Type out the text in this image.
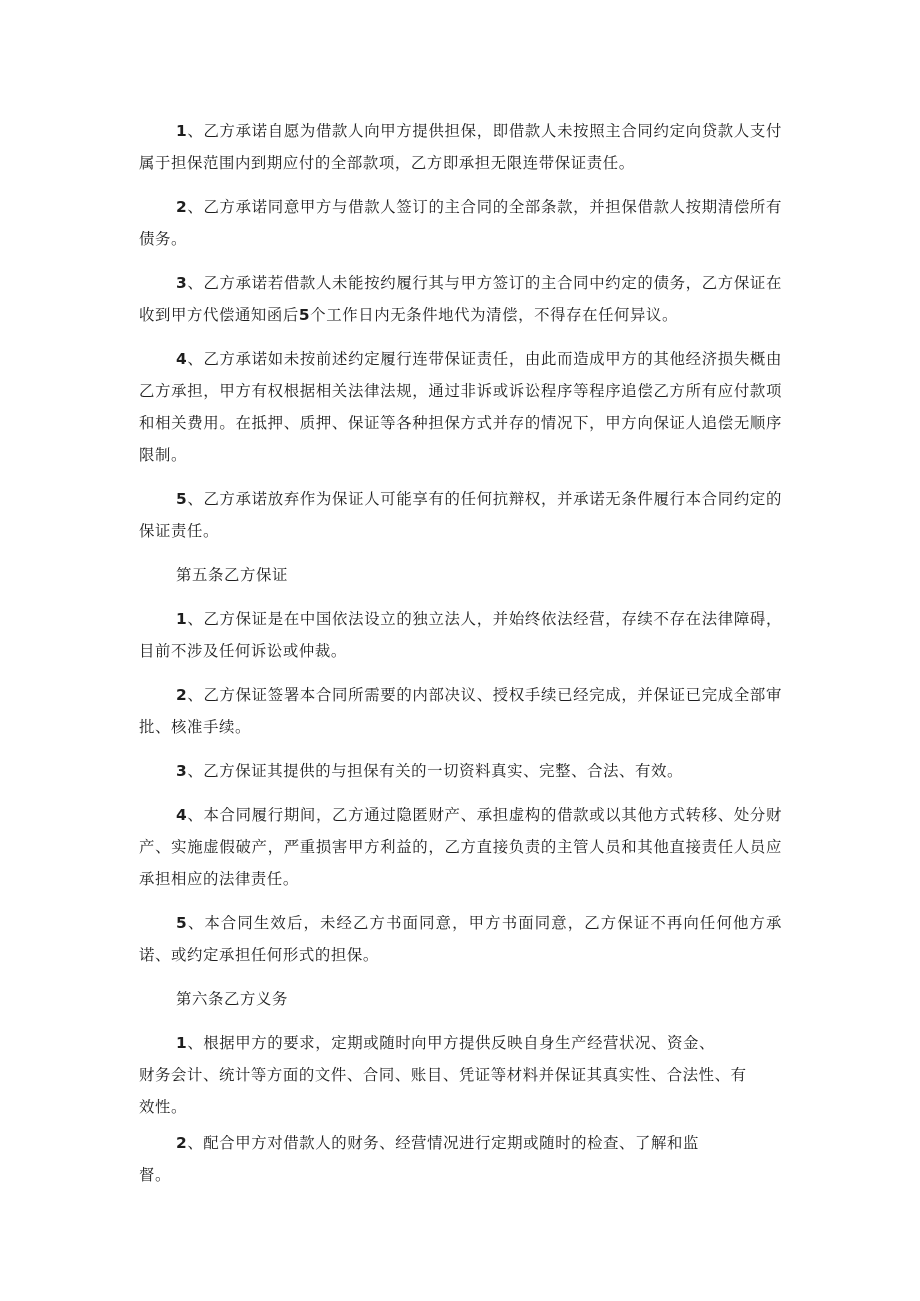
1、乙方承诺自愿为借款人向甲方提供担保，即借款人未按照主合同约定向贷款人支付属于担保范围内到期应付的全部款项，乙方即承担无限连带保证责任。

2、乙方承诺同意甲方与借款人签订的主合同的全部条款，并担保借款人按期清偿所有债务。

3、乙方承诺若借款人未能按约履行其与甲方签订的主合同中约定的债务，乙方保证在收到甲方代偿通知函后5个工作日内无条件地代为清偿，不得存在任何异议。

4、乙方承诺如未按前述约定履行连带保证责任，由此而造成甲方的其他经济损失概由乙方承担，甲方有权根据相关法律法规，通过非诉或诉讼程序等程序追偿乙方所有应付款项和相关费用。在抵押、质押、保证等各种担保方式并存的情况下，甲方向保证人追偿无顺序限制。

5、乙方承诺放弃作为保证人可能享有的任何抗辩权，并承诺无条件履行本合同约定的保证责任。

第五条乙方保证

1、乙方保证是在中国依法设立的独立法人，并始终依法经营，存续不存在法律障碍，目前不涉及任何诉讼或仲裁。

2、乙方保证签署本合同所需要的内部决议、授权手续已经完成，并保证已完成全部审批、核准手续。

3、乙方保证其提供的与担保有关的一切资料真实、完整、合法、有效。

4、本合同履行期间，乙方通过隐匿财产、承担虚构的借款或以其他方式转移、处分财产、实施虚假破产，严重损害甲方利益的，乙方直接负责的主管人员和其他直接责任人员应承担相应的法律责任。

5、本合同生效后，未经乙方书面同意，甲方书面同意，乙方保证不再向任何他方承诺、或约定承担任何形式的担保。

第六条乙方义务

1、根据甲方的要求，定期或随时向甲方提供反映自身生产经营状况、资金、
财务会计、统计等方面的文件、合同、账目、凭证等材料并保证其真实性、合法性、有
效性。
2、配合甲方对借款人的财务、经营情况进行定期或随时的检查、了解和监
督。
